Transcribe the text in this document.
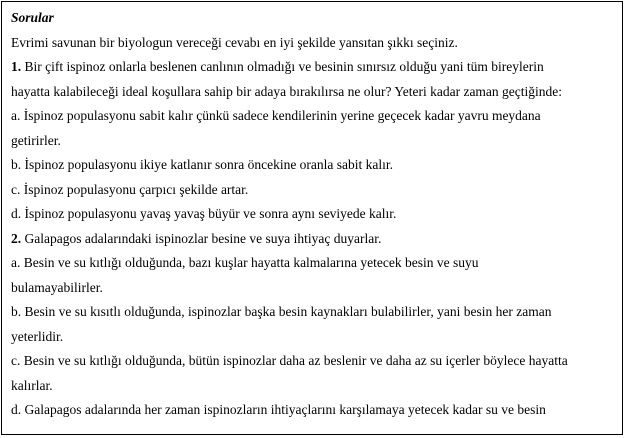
Sorular
Evrimi savunan bir biyologun vereceği cevabı en iyi şekilde yansıtan şıkkı seçiniz.
1. Bir çift ispinoz onlarla beslenen canlının olmadığı ve besinin sınırsız olduğu yani tüm bireylerin
hayatta kalabileceği ideal koşullara sahip bir adaya bırakılırsa ne olur? Yeteri kadar zaman geçtiğinde:
a. İspinoz populasyonu sabit kalır çünkü sadece kendilerinin yerine geçecek kadar yavru meydana
getirirler.
b. İspinoz populasyonu ikiye katlanır sonra öncekine oranla sabit kalır.
c. İspinoz populasyonu çarpıcı şekilde artar.
d. İspinoz populasyonu yavaş yavaş büyür ve sonra aynı seviyede kalır.
2. Galapagos adalarındaki ispinozlar besine ve suya ihtiyaç duyarlar.
a. Besin ve su kıtlığı olduğunda, bazı kuşlar hayatta kalmalarına yetecek besin ve suyu
bulamayabilirler.
b. Besin ve su kısıtlı olduğunda, ispinozlar başka besin kaynakları bulabilirler, yani besin her zaman
yeterlidir.
c. Besin ve su kıtlığı olduğunda, bütün ispinozlar daha az beslenir ve daha az su içerler böylece hayatta
kalırlar.
d. Galapagos adalarında her zaman ispinozların ihtiyaçlarını karşılamaya yetecek kadar su ve besin
